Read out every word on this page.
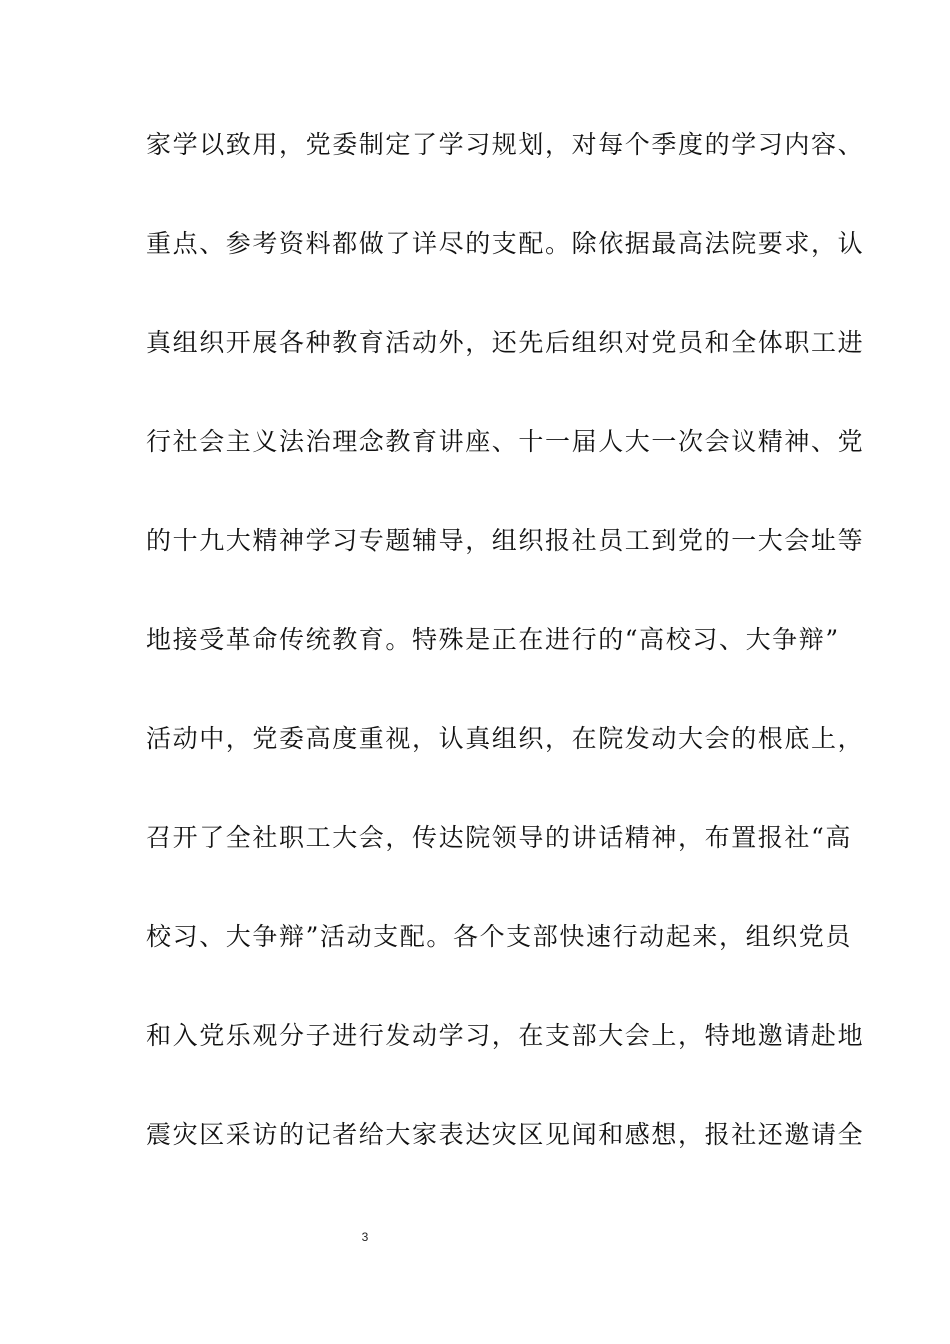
家学以致用，党委制定了学习规划，对每个季度的学习内容、
重点、参考资料都做了详尽的支配。除依据最高法院要求，认
真组织开展各种教育活动外，还先后组织对党员和全体职工进
行社会主义法治理念教育讲座、十一届人大一次会议精神、党
的十九大精神学习专题辅导，组织报社员工到党的一大会址等
地接受革命传统教育。特殊是正在进行的“高校习、大争辩”
活动中，党委高度重视，认真组织，在院发动大会的根底上，
召开了全社职工大会，传达院领导的讲话精神，布置报社“高
校习、大争辩”活动支配。各个支部快速行动起来，组织党员
和入党乐观分子进行发动学习，在支部大会上，特地邀请赴地
震灾区采访的记者给大家表达灾区见闻和感想，报社还邀请全
3
